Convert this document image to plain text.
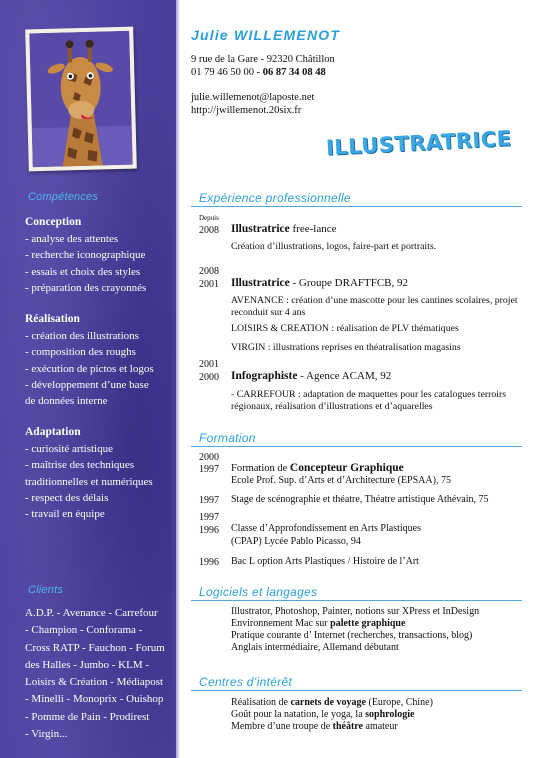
Compétences
Conception
- analyse des attentes
- recherche iconographique
- essais et choix des styles
- préparation des crayonnés
Réalisation
- création des illustrations
- composition des roughs
- exécution de pictos et logos
- développement d’une base
de données interne
Adaptation
- curiosité artistique
- maîtrise des techniques
traditionnelles et numériques
- respect des délais
- travail en équipe
Clients
A.D.P. - Avenance - Carrefour
- Champion - Conforama -
Cross RATP - Fauchon - Forum
des Halles - Jumbo - KLM -
Loisirs & Création - Médiapost
- Minelli - Monoprix - Ouishop
- Pomme de Pain - Prodirest
- Virgin...
Julie WILLEMENOT
9 rue de la Gare - 92320 Châtillon
01 79 46 50 00 - 06 87 34 08 48
julie.willemenot@laposte.net
http://jwillemenot.20six.fr
ILLUSTRATRICE
Expérience professionnelle
Depuis
2008 Illustratrice free-lance
Création d’illustrations, logos, faire-part et portraits.
2008
2001 Illustratrice - Groupe DRAFTFCB, 92
AVENANCE : création d’une mascotte pour les cantines scolaires, projet reconduit sur 4 ans
LOISIRS & CREATION : réalisation de PLV thématiques
VIRGIN : illustrations reprises en théatralisation magasins
2001
2000 Infographiste - Agence ACAM, 92
- CARREFOUR : adaptation de maquettes pour les catalogues terroirs régionaux, réalisation d’illustrations et d’aquarelles
Formation
2000
1997 Formation de Concepteur Graphique
Ecole Prof. Sup. d’Arts et d’Architecture (EPSAA), 75
1997 Stage de scénographie et théatre, Théatre artistique Athévain, 75
1997
1996 Classe d’Approfondissement en Arts Plastiques
(CPAP) Lycée Pablo Picasso, 94
1996 Bac L option Arts Plastiques / Histoire de l’Art
Logiciels et langages
Illustrator, Photoshop, Painter, notions sur XPress et InDesign
Environnement Mac sur palette graphique
Pratique courante d’ Internet (recherches, transactions, blog)
Anglais intermédiaire, Allemand débutant
Centres d’intérêt
Réalisation de carnets de voyage (Europe, Chine)
Goût pour la natation, le yoga, la sophrologie
Membre d’une troupe de théâtre amateur
